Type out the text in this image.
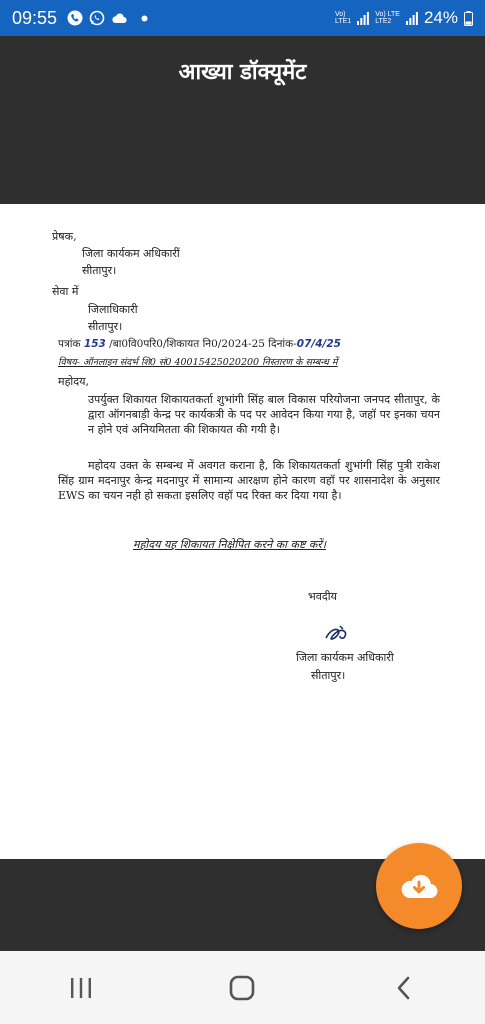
09:55	Vo)
LTE1
Vo) LTE
LTE2	24%
आख्या डॉक्यूमेंट
प्रेषक,
जिला कार्यकम अधिकारीं
सीतापुर।
सेवा में
जिलाधिकारी
सीतापुर।
पत्रांक 153 /बा0वि0परि0/शिकायत नि0/2024-25 दिनांक-07/4/25
विषय- ऑनलाइन संदर्भ शि0 सं0 40015425020200 निस्तारण के सम्बन्ध में
महोदय,
उपर्युक्त शिकायत शिकायतकर्ता शुभांगी सिंह बाल विकास परियोजना जनपद सीतापुर, के द्वारा ऑगनबाड़ी केन्द्र पर कार्यकत्री के पद पर आवेदन किया गया है, जहॉ पर इनका चयन न होने एवं अनियमितता की शिकायत की गयी है।
महोदय उक्त के सम्बन्ध में अवगत कराना है, कि शिकायतकर्ता शुभांगी सिंह पुत्री राकेश सिंह ग्राम मदनापुर केन्द्र मदनापुर में सामान्य आरक्षण होने कारण वहॉ पर शासनादेश के अनुसार EWS का चयन नही हो सकता इसलिए वहॉ पद रिक्त कर दिया गया है।
महोदय यह शिकायत निक्षेपित करने का कष्ट करें।
भवदीय
जिला कार्यकम अधिकारी
सीतापुर।
